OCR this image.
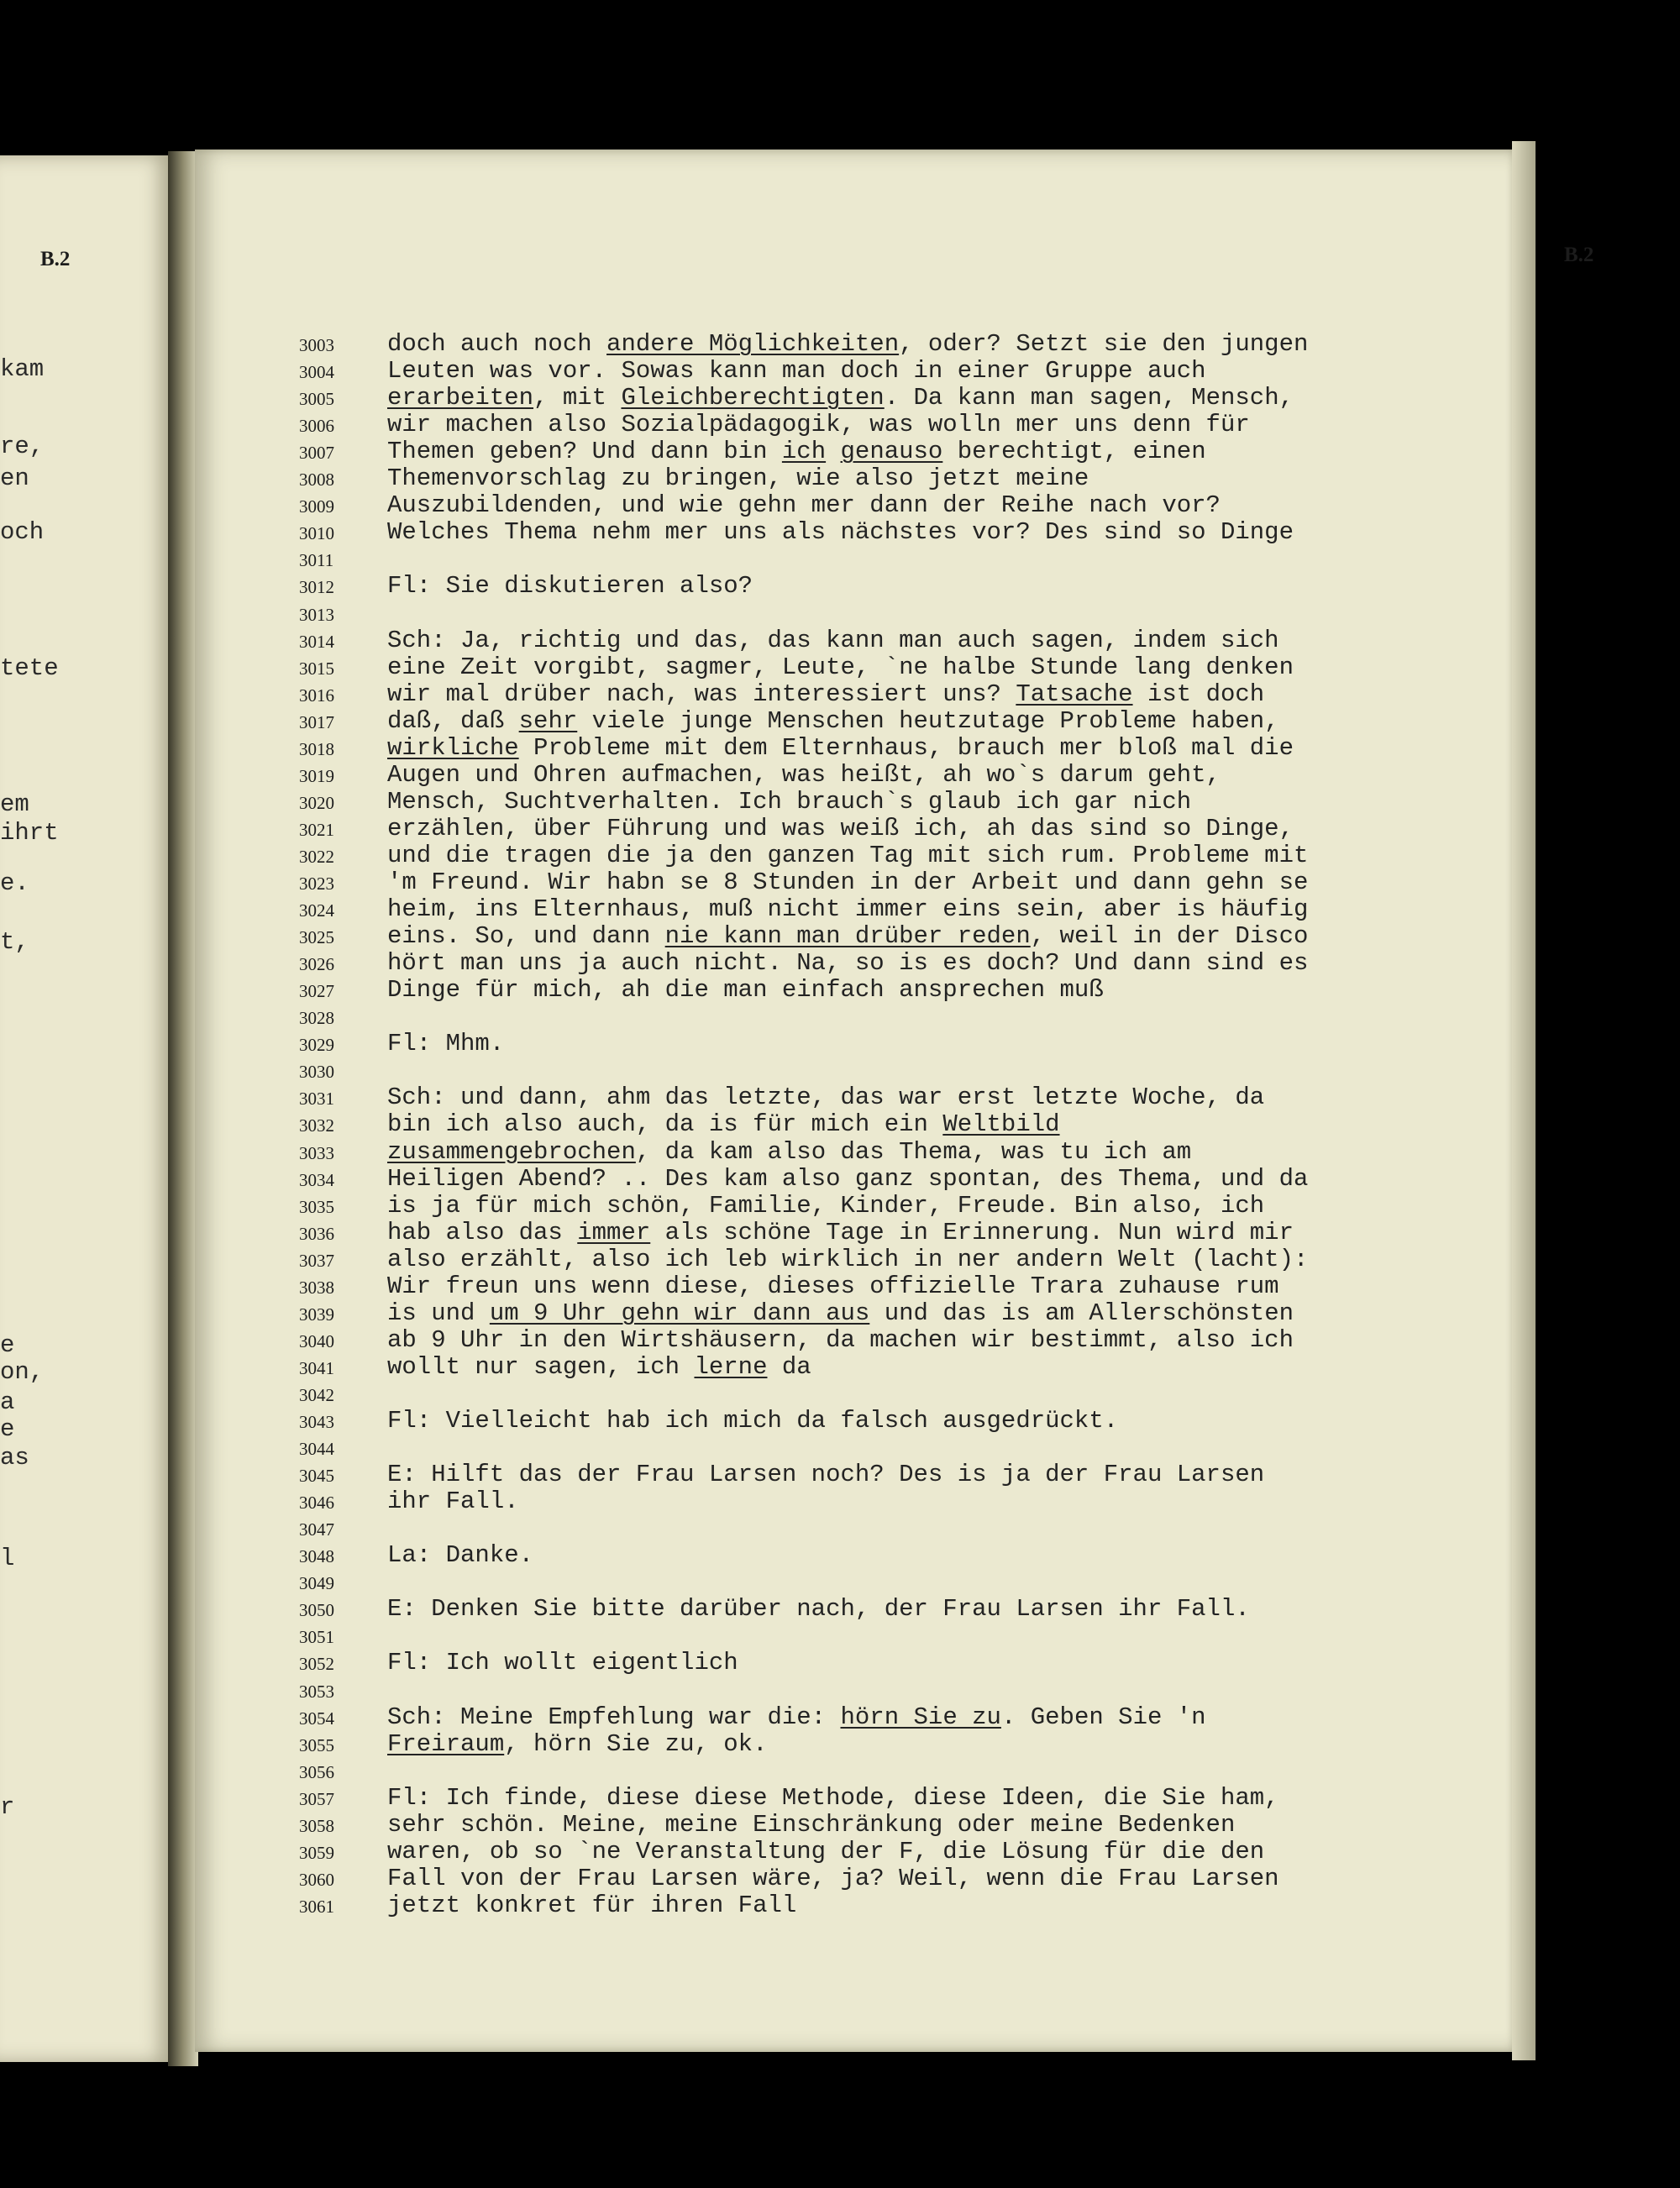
B.2
kam
re,
en
och
tete
em
ihrt
e.
t,
e
on,
a
e
as
l
r
B.2
3003	doch auch noch andere Möglichkeiten, oder? Setzt sie den jungen
3004	Leuten was vor. Sowas kann man doch in einer Gruppe auch
3005	erarbeiten, mit Gleichberechtigten. Da kann man sagen, Mensch,
3006	wir machen also Sozialpädagogik, was wolln mer uns denn für
3007	Themen geben? Und dann bin ich genauso berechtigt, einen
3008	Themenvorschlag zu bringen, wie also jetzt meine
3009	Auszubildenden, und wie gehn mer dann der Reihe nach vor?
3010	Welches Thema nehm mer uns als nächstes vor? Des sind so Dinge
3011
3012	Fl: Sie diskutieren also?
3013
3014	Sch: Ja, richtig und das, das kann man auch sagen, indem sich
3015	eine Zeit vorgibt, sagmer, Leute, `ne halbe Stunde lang denken
3016	wir mal drüber nach, was interessiert uns? Tatsache ist doch
3017	daß, daß sehr viele junge Menschen heutzutage Probleme haben,
3018	wirkliche Probleme mit dem Elternhaus, brauch mer bloß mal die
3019	Augen und Ohren aufmachen, was heißt, ah wo`s darum geht,
3020	Mensch, Suchtverhalten. Ich brauch`s glaub ich gar nich
3021	erzählen, über Führung und was weiß ich, ah das sind so Dinge,
3022	und die tragen die ja den ganzen Tag mit sich rum. Probleme mit
3023	'm Freund. Wir habn se 8 Stunden in der Arbeit und dann gehn se
3024	heim, ins Elternhaus, muß nicht immer eins sein, aber is häufig
3025	eins. So, und dann nie kann man drüber reden, weil in der Disco
3026	hört man uns ja auch nicht. Na, so is es doch? Und dann sind es
3027	Dinge für mich, ah die man einfach ansprechen muß
3028
3029	Fl: Mhm.
3030
3031	Sch: und dann, ahm das letzte, das war erst letzte Woche, da
3032	bin ich also auch, da is für mich ein Weltbild
3033	zusammengebrochen, da kam also das Thema, was tu ich am
3034	Heiligen Abend? .. Des kam also ganz spontan, des Thema, und da
3035	is ja für mich schön, Familie, Kinder, Freude. Bin also, ich
3036	hab also das immer als schöne Tage in Erinnerung. Nun wird mir
3037	also erzählt, also ich leb wirklich in ner andern Welt (lacht):
3038	Wir freun uns wenn diese, dieses offizielle Trara zuhause rum
3039	is und um 9 Uhr gehn wir dann aus und das is am Allerschönsten
3040	ab 9 Uhr in den Wirtshäusern, da machen wir bestimmt, also ich
3041	wollt nur sagen, ich lerne da
3042
3043	Fl: Vielleicht hab ich mich da falsch ausgedrückt.
3044
3045	E: Hilft das der Frau Larsen noch? Des is ja der Frau Larsen
3046	ihr Fall.
3047
3048	La: Danke.
3049
3050	E: Denken Sie bitte darüber nach, der Frau Larsen ihr Fall.
3051
3052	Fl: Ich wollt eigentlich
3053
3054	Sch: Meine Empfehlung war die: hörn Sie zu. Geben Sie 'n
3055	Freiraum, hörn Sie zu, ok.
3056
3057	Fl: Ich finde, diese diese Methode, diese Ideen, die Sie ham,
3058	sehr schön. Meine, meine Einschränkung oder meine Bedenken
3059	waren, ob so `ne Veranstaltung der F, die Lösung für die den
3060	Fall von der Frau Larsen wäre, ja? Weil, wenn die Frau Larsen
3061	jetzt konkret für ihren Fall
